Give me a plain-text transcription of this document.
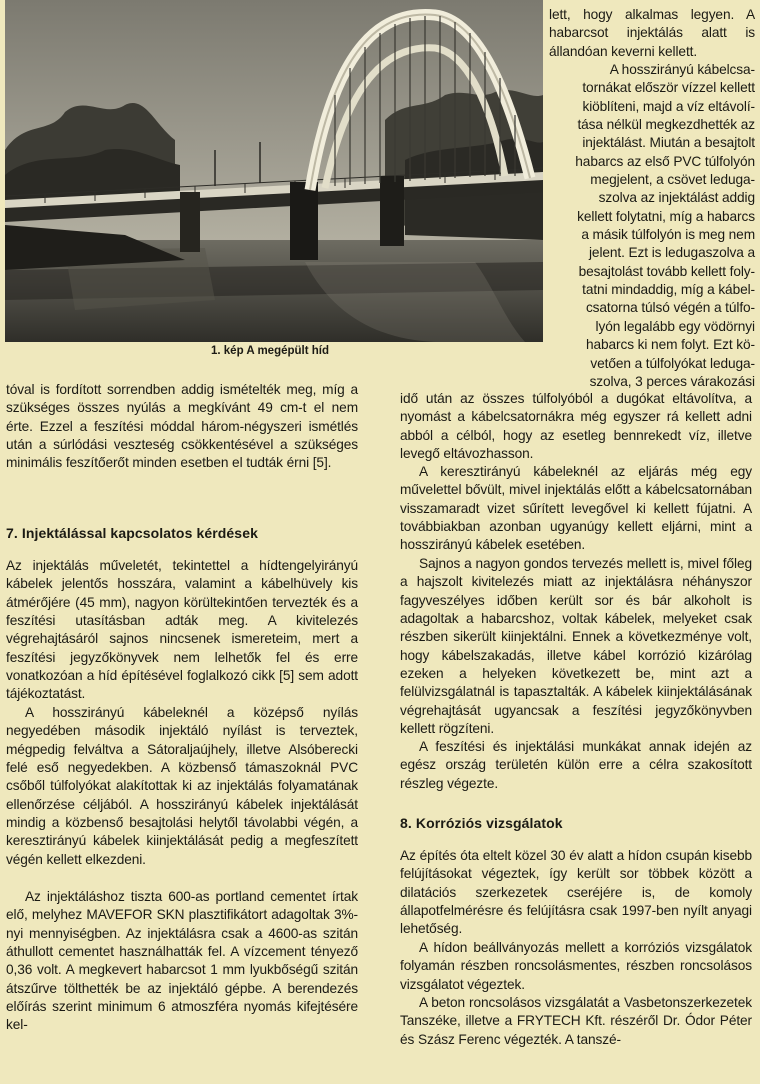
1. kép A megépült híd

tóval is fordított sorrendben addig ismételték meg, míg a szükséges összes nyúlás a megkívánt 49 cm-t el nem érte. Ezzel a feszítési móddal három-négyszeri ismétlés után a súrlódási veszteség csökkentésével a szükséges minimális feszítőerőt minden esetben el tudták érni [5].

7. Injektálással kapcsolatos kérdések

Az injektálás műveletét, tekintettel a hídtengelyirányú kábelek jelentős hosszára, valamint a kábelhüvely kis átmérőjére (45 mm), nagyon körültekintően tervezték és a feszítési utasításban adták meg. A kivitelezés végrehajtásáról sajnos nincsenek ismereteim, mert a feszítési jegyzőkönyvek nem lelhetők fel és erre vonatkozóan a híd építésével foglalkozó cikk [5] sem adott tájékoztatást.

A hosszirányú kábeleknél a középső nyílás negyedében második injektáló nyílást is terveztek, mégpedig felváltva a Sátoraljaújhely, illetve Alsóberecki felé eső negyedekben. A közbenső támaszoknál PVC csőből túlfolyókat alakítottak ki az injektálás folyamatának ellenőrzése céljából. A hosszirányú kábelek injektálását mindig a közbenső besajtolási helytől távolabbi végén, a keresztirányú kábelek kiinjektálását pedig a megfeszített végén kellett elkezdeni.

Az injektáláshoz tiszta 600-as portland cementet írtak elő, melyhez MAVEFOR SKN plasztifikátort adagoltak 3%-nyi mennyiségben. Az injektálásra csak a 4600-as szitán áthullott cementet használhatták fel. A vízcement tényező 0,36 volt. A megkevert habarcsot 1 mm lyukbőségű szitán átszűrve tölthették be az injektáló gépbe. A berendezés előírás szerint minimum 6 atmoszféra nyomás kifejtésére kel-

lett, hogy alkalmas legyen. A habarcsot injektálás alatt is állandóan keverni kellett.

A hosszirányú kábelcsa-
tornákat először vízzel kellett
kiöblíteni, majd a víz eltávolí-
tása nélkül megkezdhették az
injektálást. Miután a besajtolt
habarcs az első PVC túlfolyón
megjelent, a csövet leduga-
szolva az injektálást addig
kellett folytatni, míg a habarcs
a másik túlfolyón is meg nem
jelent. Ezt is ledugaszolva a
besajtolást tovább kellett foly-
tatni mindaddig, míg a kábel-
csatorna túlsó végén a túlfo-
lyón legalább egy vödörnyi
habarcs ki nem folyt. Ezt kö-
vetően a túlfolyókat leduga-
szolva, 3 perces várakozási

idő után az összes túlfolyóból a dugókat eltávolítva, a nyomást a kábelcsatornákra még egyszer rá kellett adni abból a célból, hogy az esetleg bennrekedt víz, illetve levegő eltávozhasson.

A keresztirányú kábeleknél az eljárás még egy művelettel bővült, mivel injektálás előtt a kábelcsatornában visszamaradt vizet sűrített levegővel ki kellett fújatni. A továbbiakban azonban ugyanúgy kellett eljárni, mint a hosszirányú kábelek esetében.

Sajnos a nagyon gondos tervezés mellett is, mivel főleg a hajszolt kivitelezés miatt az injektálásra néhányszor fagyveszélyes időben került sor és bár alkoholt is adagoltak a habarcshoz, voltak kábelek, melyeket csak részben sikerült kiinjektálni. Ennek a következménye volt, hogy kábelszakadás, illetve kábel korrózió kizárólag ezeken a helyeken következett be, mint azt a felülvizsgálatnál is tapasztalták. A kábelek kiinjektálásának végrehajtását ugyancsak a feszítési jegyzőkönyvben kellett rögzíteni.

A feszítési és injektálási munkákat annak idején az egész ország területén külön erre a célra szakosított részleg végezte.

8. Korróziós vizsgálatok

Az építés óta eltelt közel 30 év alatt a hídon csupán kisebb felújításokat végeztek, így került sor többek között a dilatációs szerkezetek cseréjére is, de komoly állapotfelmérésre és felújításra csak 1997-ben nyílt anyagi lehetőség.

A hídon beállványozás mellett a korróziós vizsgálatok folyamán részben roncsolásmentes, részben roncsolásos vizsgálatot végeztek.

A beton roncsolásos vizsgálatát a Vasbetonszerkezetek Tanszéke, illetve a FRYTECH Kft. részéről Dr. Ódor Péter és Szász Ferenc végezték. A tanszé-
